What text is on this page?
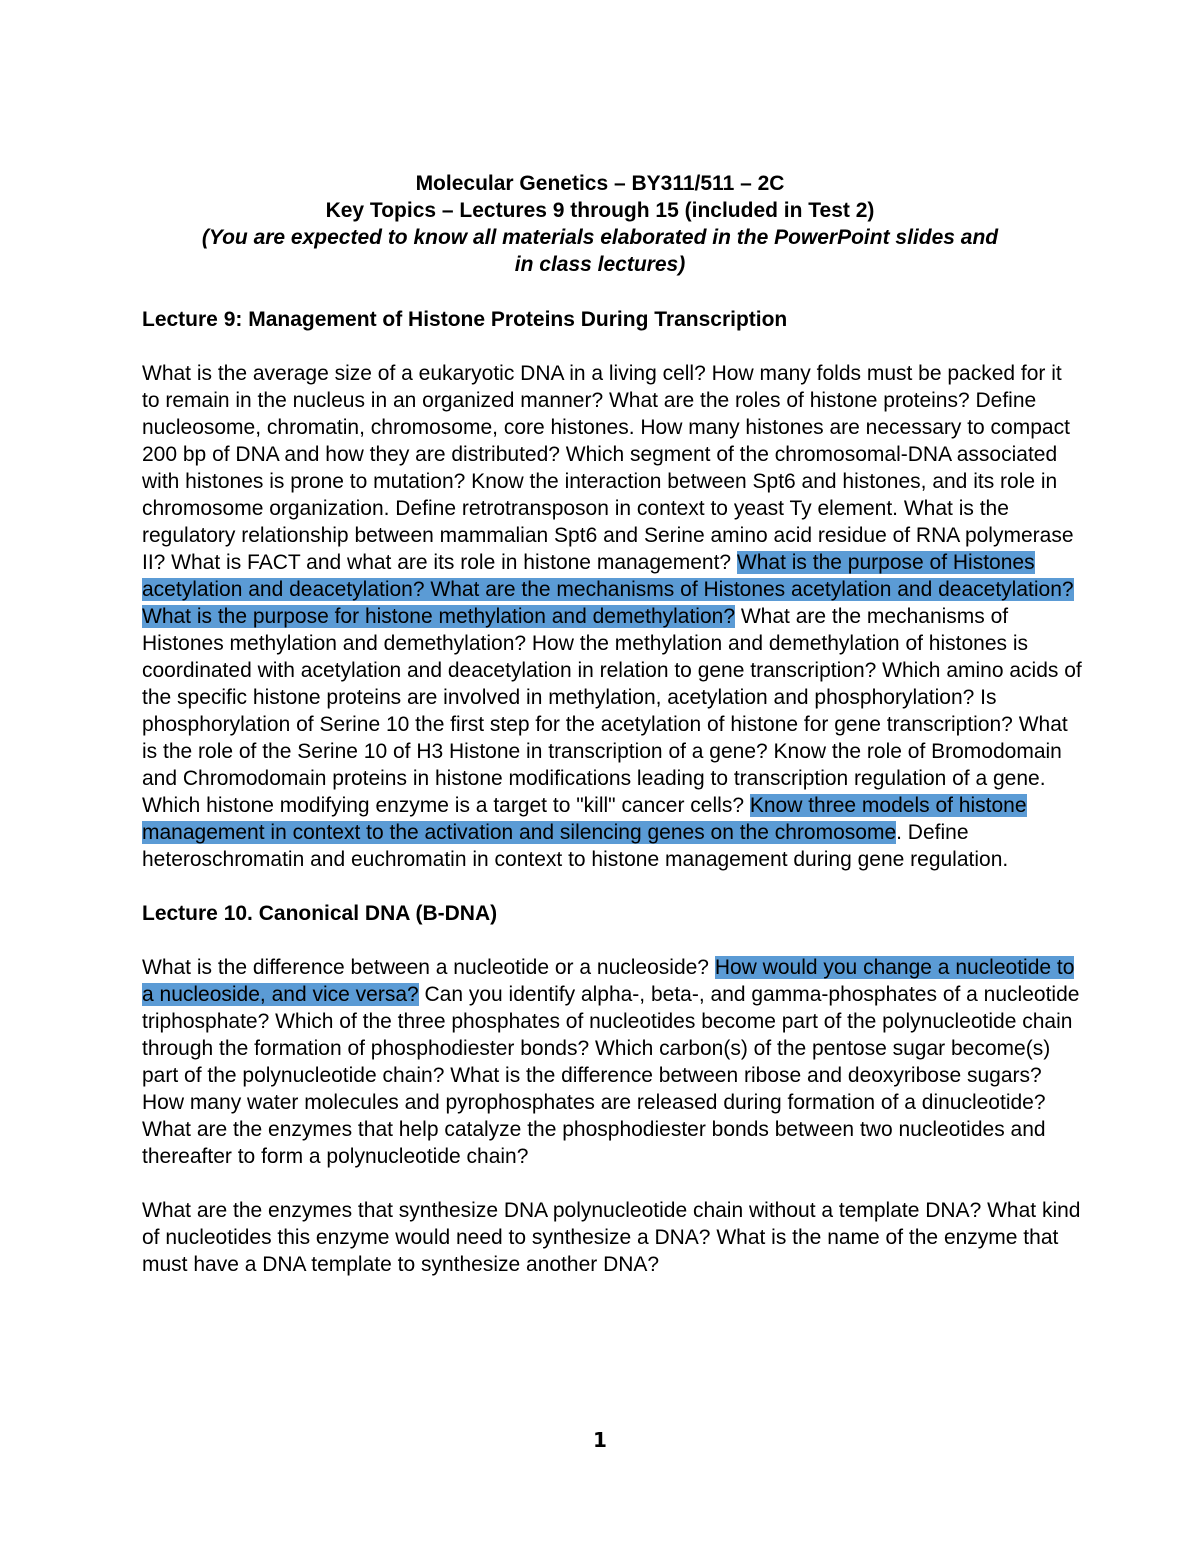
Molecular Genetics – BY311/511 – 2C
Key Topics – Lectures 9 through 15 (included in Test 2)
(You are expected to know all materials elaborated in the PowerPoint slides and
in class lectures)
Lecture 9: Management of Histone Proteins During Transcription
What is the average size of a eukaryotic DNA in a living cell? How many folds must be packed for it to remain in the nucleus in an organized manner? What are the roles of histone proteins? Define nucleosome, chromatin, chromosome, core histones. How many histones are necessary to compact 200 bp of DNA and how they are distributed? Which segment of the chromosomal-DNA associated with histones is prone to mutation? Know the interaction between Spt6 and histones, and its role in chromosome organization. Define retrotransposon in context to yeast Ty element. What is the regulatory relationship between mammalian Spt6 and Serine amino acid residue of RNA polymerase II? What is FACT and what are its role in histone management? What is the purpose of Histones acetylation and deacetylation? What are the mechanisms of Histones acetylation and deacetylation? What is the purpose for histone methylation and demethylation? What are the mechanisms of Histones methylation and demethylation? How the methylation and demethylation of histones is coordinated with acetylation and deacetylation in relation to gene transcription? Which amino acids of the specific histone proteins are involved in methylation, acetylation and phosphorylation? Is phosphorylation of Serine 10 the first step for the acetylation of histone for gene transcription? What is the role of the Serine 10 of H3 Histone in transcription of a gene? Know the role of Bromodomain and Chromodomain proteins in histone modifications leading to transcription regulation of a gene. Which histone modifying enzyme is a target to "kill" cancer cells? Know three models of histone management in context to the activation and silencing genes on the chromosome. Define heteroschromatin and euchromatin in context to histone management during gene regulation.
Lecture 10. Canonical DNA (B-DNA)
What is the difference between a nucleotide or a nucleoside? How would you change a nucleotide to a nucleoside, and vice versa? Can you identify alpha-, beta-, and gamma-phosphates of a nucleotide triphosphate? Which of the three phosphates of nucleotides become part of the polynucleotide chain through the formation of phosphodiester bonds? Which carbon(s) of the pentose sugar become(s) part of the polynucleotide chain? What is the difference between ribose and deoxyribose sugars? How many water molecules and pyrophosphates are released during formation of a dinucleotide? What are the enzymes that help catalyze the phosphodiester bonds between two nucleotides and thereafter to form a polynucleotide chain?
What are the enzymes that synthesize DNA polynucleotide chain without a template DNA? What kind of nucleotides this enzyme would need to synthesize a DNA? What is the name of the enzyme that must have a DNA template to synthesize another DNA?
1
